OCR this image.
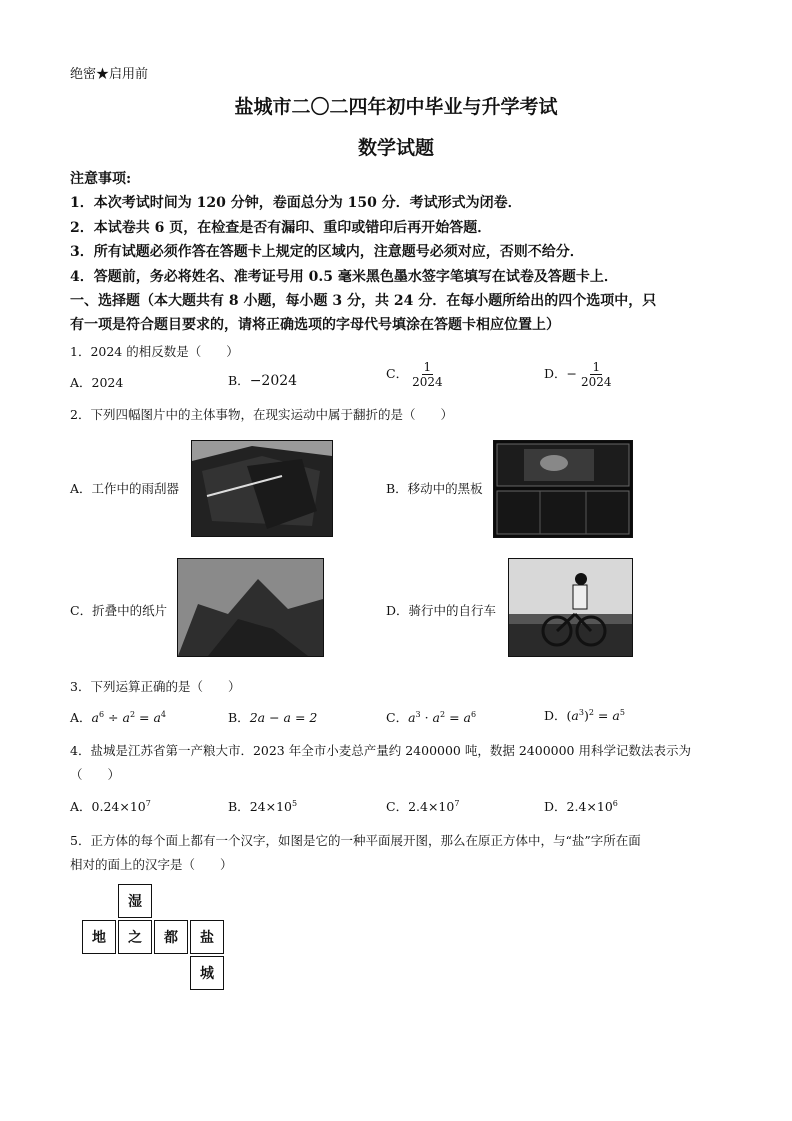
绝密★启用前
盐城市二〇二四年初中毕业与升学考试
数学试题
注意事项:
1．本次考试时间为 120 分钟，卷面总分为 150 分．考试形式为闭卷．
2．本试卷共 6 页，在检查是否有漏印、重印或错印后再开始答题．
3．所有试题必须作答在答题卡上规定的区域内，注意题号必须对应，否则不给分．
4．答题前，务必将姓名、准考证号用 0.5 毫米黑色墨水签字笔填写在试卷及答题卡上．
一、选择题（本大题共有 8 小题，每小题 3 分，共 24 分．在每小题所给出的四个选项中，只
有一项是符合题目要求的，请将正确选项的字母代号填涂在答题卡相应位置上）
1．2024 的相反数是（　　）
A．2024	B．−2024	C． $\frac{1}{2024}$	D．− $\frac{1}{2024}$
2．下列四幅图片中的主体事物，在现实运动中属于翻折的是（　　）
A．工作中的雨刮器	B．移动中的黑板
C．折叠中的纸片	D．骑行中的自行车
3．下列运算正确的是（　　）
A．$a^6 \div a^2 = a^4$	B．2a − a = 2	C．$a^3 \cdot a^2 = a^6$	D．$(a^3)^2 = a^5$
4．盐城是江苏省第一产粮大市．2023 年全市小麦总产量约 2400000 吨，数据 2400000 用科学记数法表示为
（　　）
A．$0.24\times 10^7$	B．$24\times 10^5$	C．$2.4\times 10^7$	D．$2.4\times 10^6$
5．正方体的每个面上都有一个汉字，如图是它的一种平面展开图，那么在原正方体中，与“盐”字所在面
相对的面上的汉字是（　　）
湿
地	之	都	盐
城
